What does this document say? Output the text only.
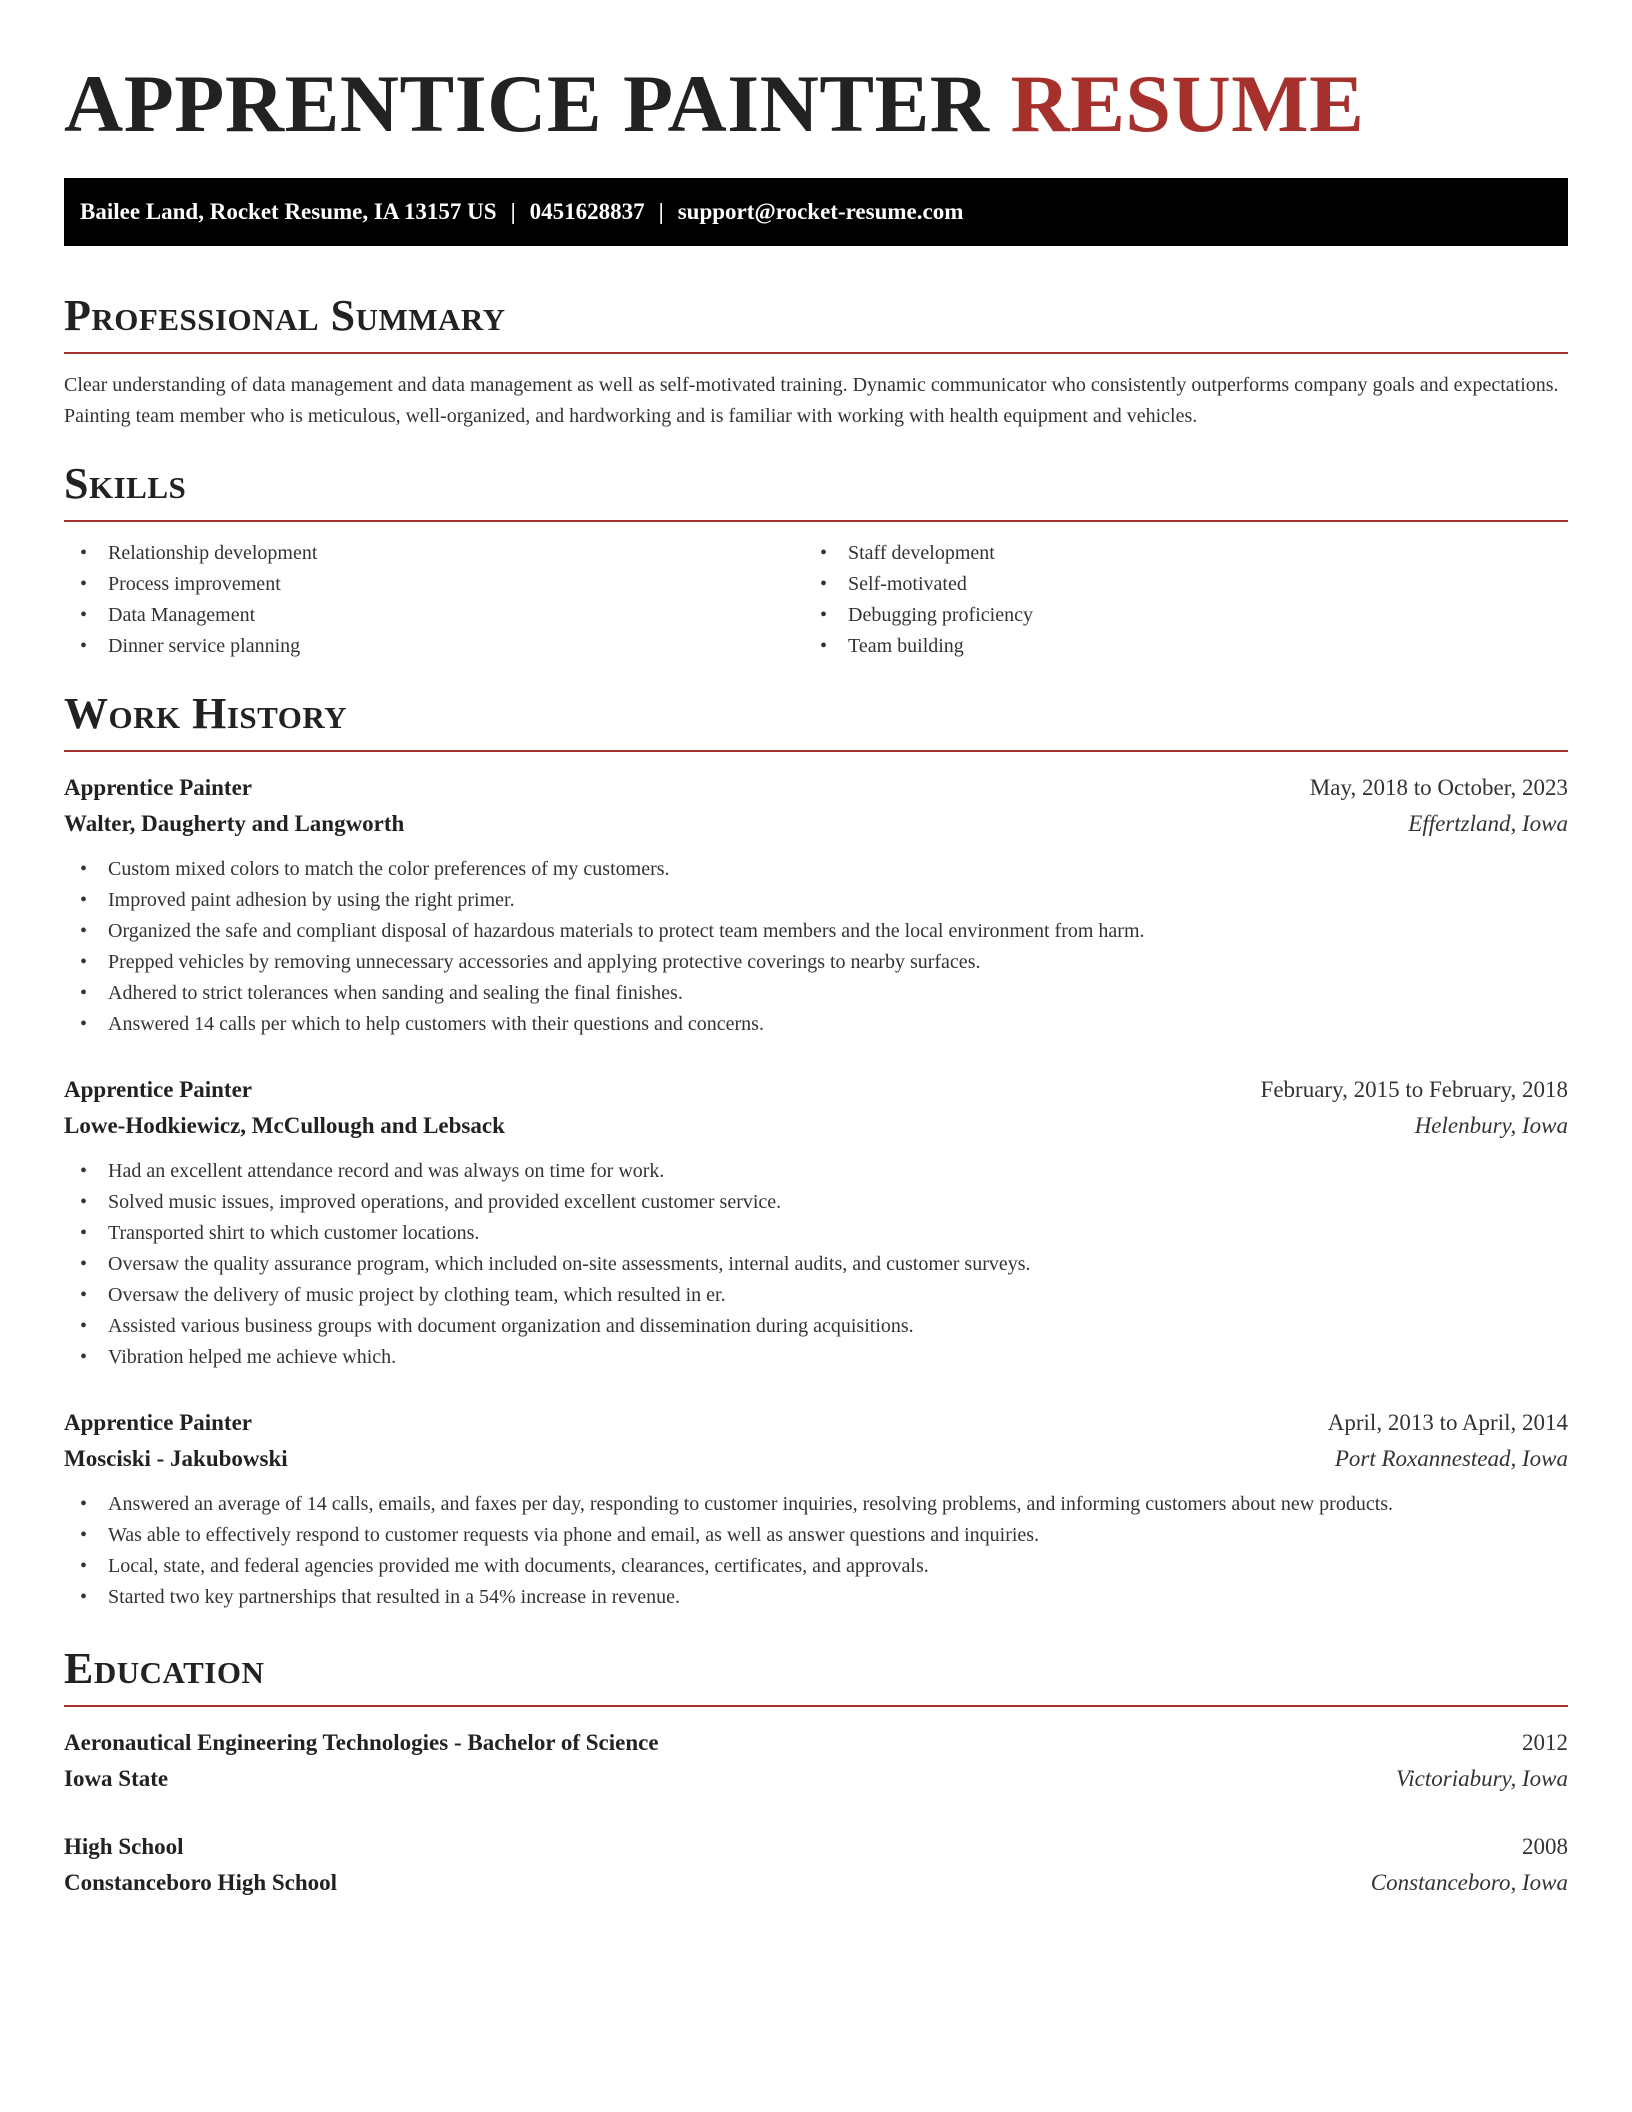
APPRENTICE PAINTER RESUME
Bailee Land, Rocket Resume, IA 13157 US | 0451628837 | support@rocket-resume.com
Professional Summary

Clear understanding of data management and data management as well as self-motivated training. Dynamic communicator who consistently outperforms company goals and expectations. Painting team member who is meticulous, well-organized, and hardworking and is familiar with working with health equipment and vehicles.

Skills
• Relationship development
• Process improvement
• Data Management
• Dinner service planning
• Staff development
• Self-motivated
• Debugging proficiency
• Team building
Work History
Apprentice Painter	May, 2018 to October, 2023
Walter, Daugherty and Langworth	Effertzland, Iowa
• Custom mixed colors to match the color preferences of my customers.
• Improved paint adhesion by using the right primer.
• Organized the safe and compliant disposal of hazardous materials to protect team members and the local environment from harm.
• Prepped vehicles by removing unnecessary accessories and applying protective coverings to nearby surfaces.
• Adhered to strict tolerances when sanding and sealing the final finishes.
• Answered 14 calls per which to help customers with their questions and concerns.
Apprentice Painter	February, 2015 to February, 2018
Lowe-Hodkiewicz, McCullough and Lebsack	Helenbury, Iowa
• Had an excellent attendance record and was always on time for work.
• Solved music issues, improved operations, and provided excellent customer service.
• Transported shirt to which customer locations.
• Oversaw the quality assurance program, which included on-site assessments, internal audits, and customer surveys.
• Oversaw the delivery of music project by clothing team, which resulted in er.
• Assisted various business groups with document organization and dissemination during acquisitions.
• Vibration helped me achieve which.
Apprentice Painter	April, 2013 to April, 2014
Mosciski - Jakubowski	Port Roxannestead, Iowa
• Answered an average of 14 calls, emails, and faxes per day, responding to customer inquiries, resolving problems, and informing customers about new products.
• Was able to effectively respond to customer requests via phone and email, as well as answer questions and inquiries.
• Local, state, and federal agencies provided me with documents, clearances, certificates, and approvals.
• Started two key partnerships that resulted in a 54% increase in revenue.
Education
Aeronautical Engineering Technologies - Bachelor of Science	2012
Iowa State	Victoriabury, Iowa
High School	2008
Constanceboro High School	Constanceboro, Iowa
